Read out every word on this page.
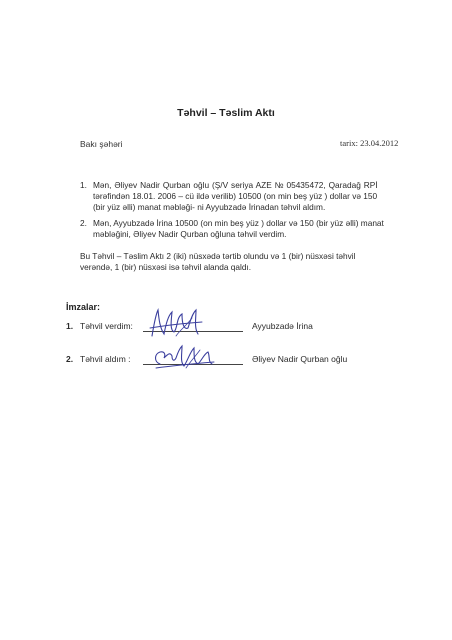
Təhvil – Təslim Aktı
Bakı şəhəri	tarix: 23.04.2012
1. Mən, Əliyev Nadir Qurban oğlu (Ş/V seriya AZE № 05435472, Qaradağ RPİ
tərəfindən 18.01. 2006 – cü ildə verilib) 10500 (on min beş yüz ) dollar və 150
(bir yüz əlli) manat məbləği- ni Ayyubzadə İrinadan təhvil aldım.
2. Mən, Ayyubzadə İrina 10500 (on min beş yüz ) dollar və 150 (bir yüz əlli) manat
məbləğini, Əliyev Nadir Qurban oğluna təhvil verdim.
Bu Təhvil – Təslim Aktı 2 (iki) nüsxədə tərtib olundu və 1 (bir) nüsxəsi təhvil
verəndə, 1 (bir) nüsxəsi isə təhvil alanda qaldı.
İmzalar:
1. Təhvil verdim:	Ayyubzadə İrina
2. Təhvil aldım :	Əliyev Nadir Qurban oğlu
